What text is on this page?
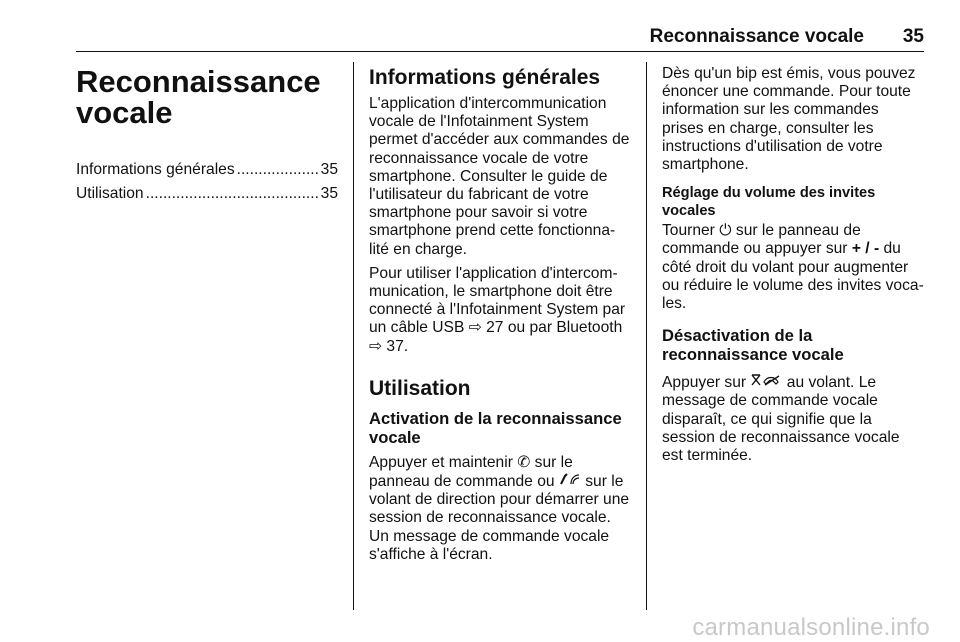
Reconnaissance vocale 35
Reconnaissance
vocale
Informations générales .....	35
Utilisation .....	35
Informations générales

L'application d'intercommunication
vocale de l'Infotainment System
permet d'accéder aux commandes de
reconnaissance vocale de votre
smartphone. Consulter le guide de
l'utilisateur du fabricant de votre
smartphone pour savoir si votre
smartphone prend cette fonctionna-
lité en charge.

Pour utiliser l'application d'intercom-
munication, le smartphone doit être
connecté à l'Infotainment System par
un câble USB ⇨ 27 ou par Bluetooth
⇨ 37.

Utilisation
Activation de la reconnaissance
vocale

Appuyer et maintenir ✆ sur le
panneau de commande ou sur le
volant de direction pour démarrer une
session de reconnaissance vocale.
Un message de commande vocale
s'affiche à l'écran.

Dès qu'un bip est émis, vous pouvez
énoncer une commande. Pour toute
information sur les commandes
prises en charge, consulter les
instructions d'utilisation de votre
smartphone.

Réglage du volume des invites
vocales

Tourner ⏻ sur le panneau de
commande ou appuyer sur + / - du
côté droit du volant pour augmenter
ou réduire le volume des invites voca-
les.

Désactivation de la
reconnaissance vocale

Appuyer sur	au volant. Le
message de commande vocale
disparaît, ce qui signifie que la
session de reconnaissance vocale
est terminée.

carmanualsonline.info
